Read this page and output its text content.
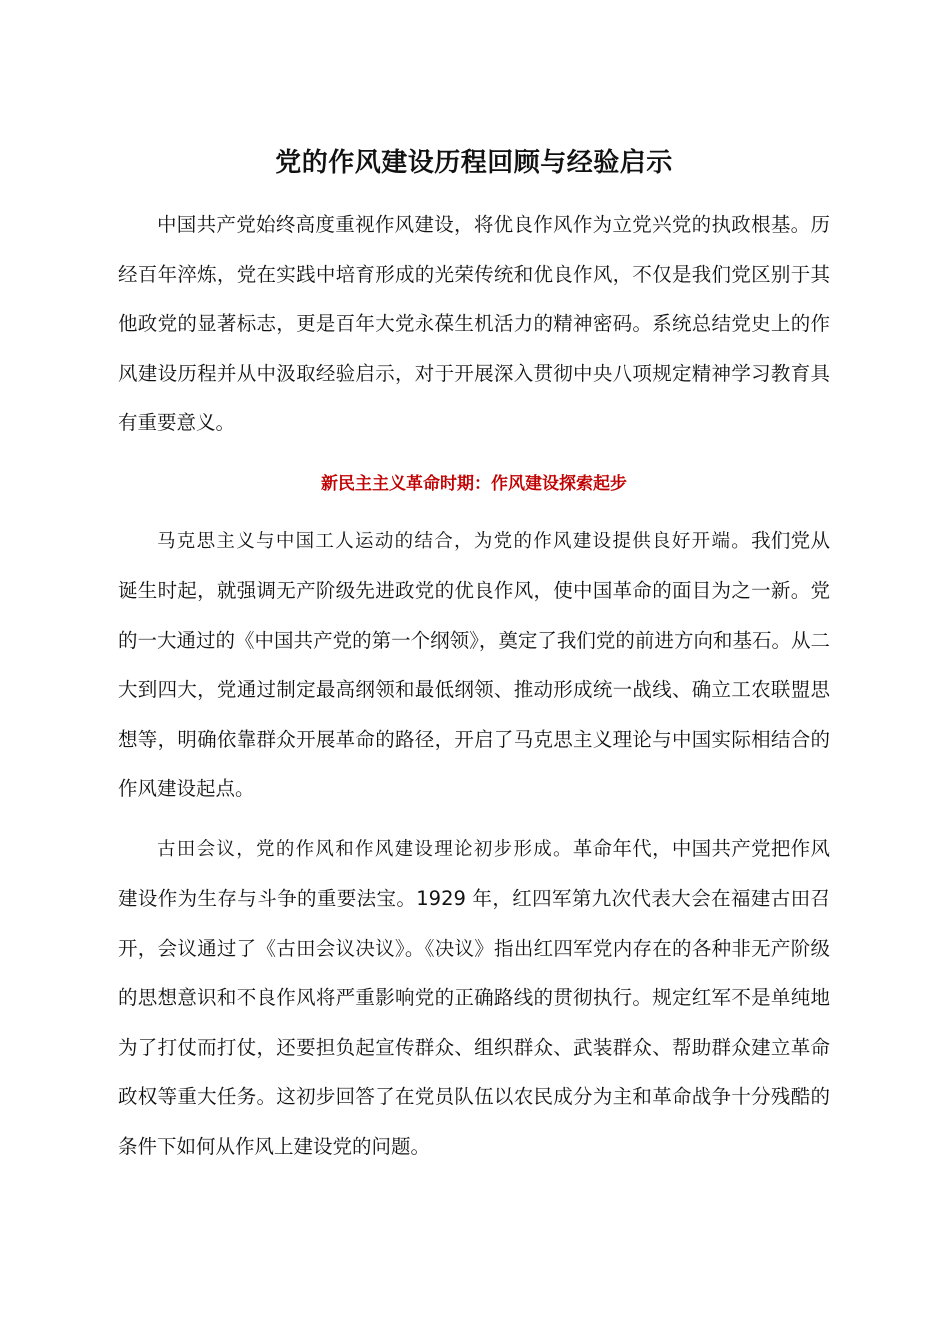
党的作风建设历程回顾与经验启示

中国共产党始终高度重视作风建设，将优良作风作为立党兴党的执政根基。历经百年淬炼，党在实践中培育形成的光荣传统和优良作风，不仅是我们党区别于其他政党的显著标志，更是百年大党永葆生机活力的精神密码。系统总结党史上的作风建设历程并从中汲取经验启示，对于开展深入贯彻中央八项规定精神学习教育具有重要意义。

新民主主义革命时期：作风建设探索起步

马克思主义与中国工人运动的结合，为党的作风建设提供良好开端。我们党从诞生时起，就强调无产阶级先进政党的优良作风，使中国革命的面目为之一新。党的一大通过的《中国共产党的第一个纲领》，奠定了我们党的前进方向和基石。从二大到四大，党通过制定最高纲领和最低纲领、推动形成统一战线、确立工农联盟思想等，明确依靠群众开展革命的路径，开启了马克思主义理论与中国实际相结合的作风建设起点。

古田会议，党的作风和作风建设理论初步形成。革命年代，中国共产党把作风建设作为生存与斗争的重要法宝。1929 年，红四军第九次代表大会在福建古田召开，会议通过了《古田会议决议》。《决议》指出红四军党内存在的各种非无产阶级的思想意识和不良作风将严重影响党的正确路线的贯彻执行。规定红军不是单纯地为了打仗而打仗，还要担负起宣传群众、组织群众、武装群众、帮助群众建立革命政权等重大任务。这初步回答了在党员队伍以农民成分为主和革命战争十分残酷的条件下如何从作风上建设党的问题。
